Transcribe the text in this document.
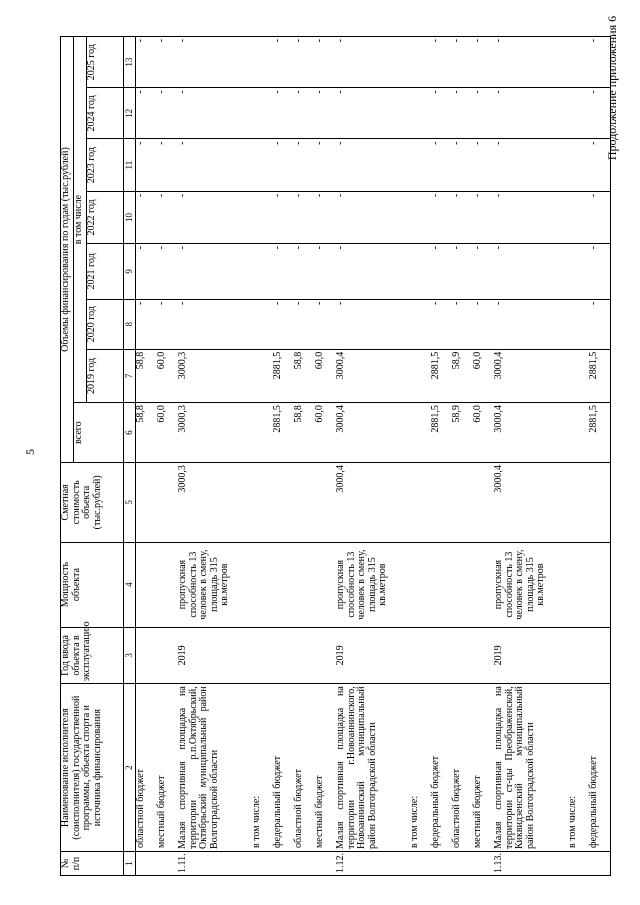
5
Продолжение приложения 6
№ п/п	Наименование исполнителя (соисполнителя) государственной программы, объекта спорта и источника финансирования	Год ввода объекта в эксплуатацию	Мощность объекта	Сметная стоимость объекта (тыс.рублей)	Объемы финансирования по годам (тыс.рублей)							
					всего	в том числе						
						2019 год	2020 год	2021 год	2022 год	2023 год	2024 год	2025 год
1	2	3	4	5	6	7	8	9	10	11	12	13
	областной бюджет				58,8	58,8	-	-	-	-	-	-
	местный бюджет				60,0	60,0	-	-	-	-	-	-
1.11.	Малая спортивная площадка на территории р.п.Октябрьский, Октябрьский муниципальный район Волгоградской области	2019	пропускная способность 13 человек в смену, площадь 315 кв.метров	3000,3	3000,3	3000,3	-	-	-	-	-	-
	в том числе:											
	федеральный бюджет				2881,5	2881,5	-	-	-	-	-	-
	областной бюджет				58,8	58,8	-	-	-	-	-	-
	местный бюджет				60,0	60,0	-	-	-	-	-	-
1.12.	Малая спортивная площадка на территории г.Новоаннинского, Новоаннинский муниципальный район Волгоградской области	2019	пропускная способность 13 человек в смену, площадь 315 кв.метров	3000,4	3000,4	3000,4	-	-	-	-	-	-
	в том числе:											
	федеральный бюджет				2881,5	2881,5	-	-	-	-	-	-
	областной бюджет				58,9	58,9	-	-	-	-	-	-
	местный бюджет				60,0	60,0	-	-	-	-	-	-
1.13.	Малая спортивная площадка на территории ст-цы Преображенской, Киквидзенский муниципальный район Волгоградской области	2019	пропускная способность 13 человек в смену, площадь 315 кв.метров	3000,4	3000,4	3000,4	-	-	-	-	-	-
	в том числе:											
	федеральный бюджет				2881,5	2881,5	-	-	-	-	-	-
